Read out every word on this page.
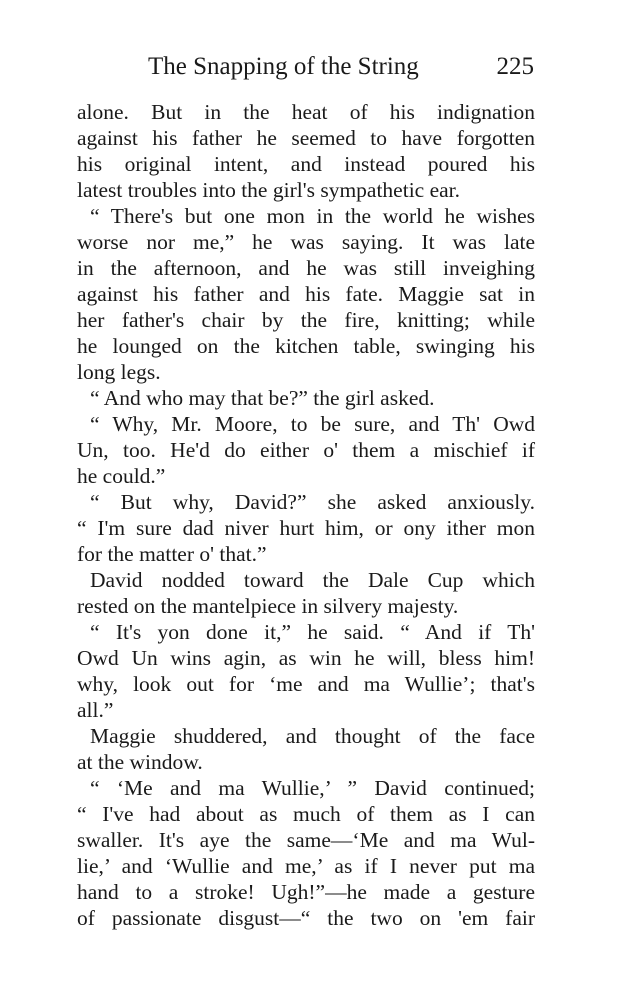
The Snapping of the String	225
alone. But in the heat of his indignation
against his father he seemed to have forgotten
his original intent, and instead poured his
latest troubles into the girl's sympathetic ear.
“ There's but one mon in the world he wishes
worse nor me,” he was saying. It was late
in the afternoon, and he was still inveighing
against his father and his fate. Maggie sat in
her father's chair by the fire, knitting; while
he lounged on the kitchen table, swinging his
long legs.
“ And who may that be?” the girl asked.
“ Why, Mr. Moore, to be sure, and Th' Owd
Un, too. He'd do either o' them a mischief if
he could.”
“ But why, David?” she asked anxiously.
“ I'm sure dad niver hurt him, or ony ither mon
for the matter o' that.”
David nodded toward the Dale Cup which
rested on the mantelpiece in silvery majesty.
“ It's yon done it,” he said. “ And if Th'
Owd Un wins agin, as win he will, bless him!
why, look out for ‘me and ma Wullie’; that's
all.”
Maggie shuddered, and thought of the face
at the window.
“ ‘Me and ma Wullie,’ ” David continued;
“ I've had about as much of them as I can
swaller. It's aye the same—‘Me and ma Wul-
lie,’ and ‘Wullie and me,’ as if I never put ma
hand to a stroke! Ugh!”—he made a gesture
of passionate disgust—“ the two on 'em fair
